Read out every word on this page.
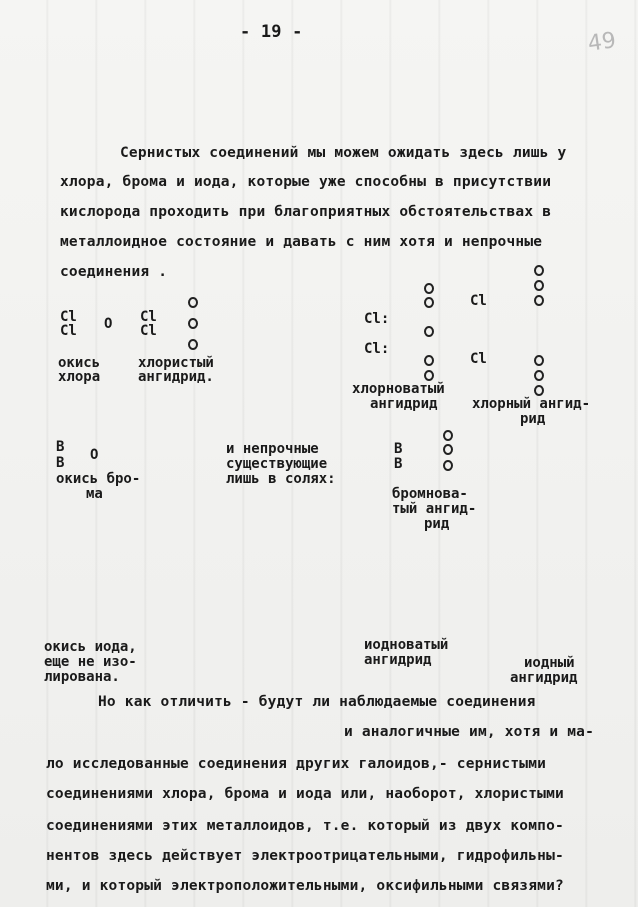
- 19 -	49
Сернистых соединений мы можем ожидать здесь лишь у
хлора, брома и иода, которые уже способны в присутствии
кислорода проходить при благоприятных обстоятельствах в
металлоидное состояние и давать с ним хотя и непрочные
соединения .
Cl
Cl O
окись
хлора
Cl
Cl
хлористый
ангидрид.
Cl:
Cl:
хлорноватый
ангидрид
Cl
Cl
хлорный ангид-
рид
B
B O
окись бро-
ма
и непрочные
существующие
лишь в солях:
B
B
бромнова-
тый ангид-
рид
окись иода,
еще не изо-
лирована.
иодноватый
ангидрид	иодный
ангидрид
Но как отличить - будут ли наблюдаемые соединения
и аналогичные им, хотя и ма-
ло исследованные соединения других галоидов,- сернистыми
соединениями хлора, брома и иода или, наоборот, хлористыми
соединениями этих металлоидов, т.е. который из двух компо-
нентов здесь действует электроотрицательными, гидрофильны-
ми, и который электроположительными, оксифильными связями?
